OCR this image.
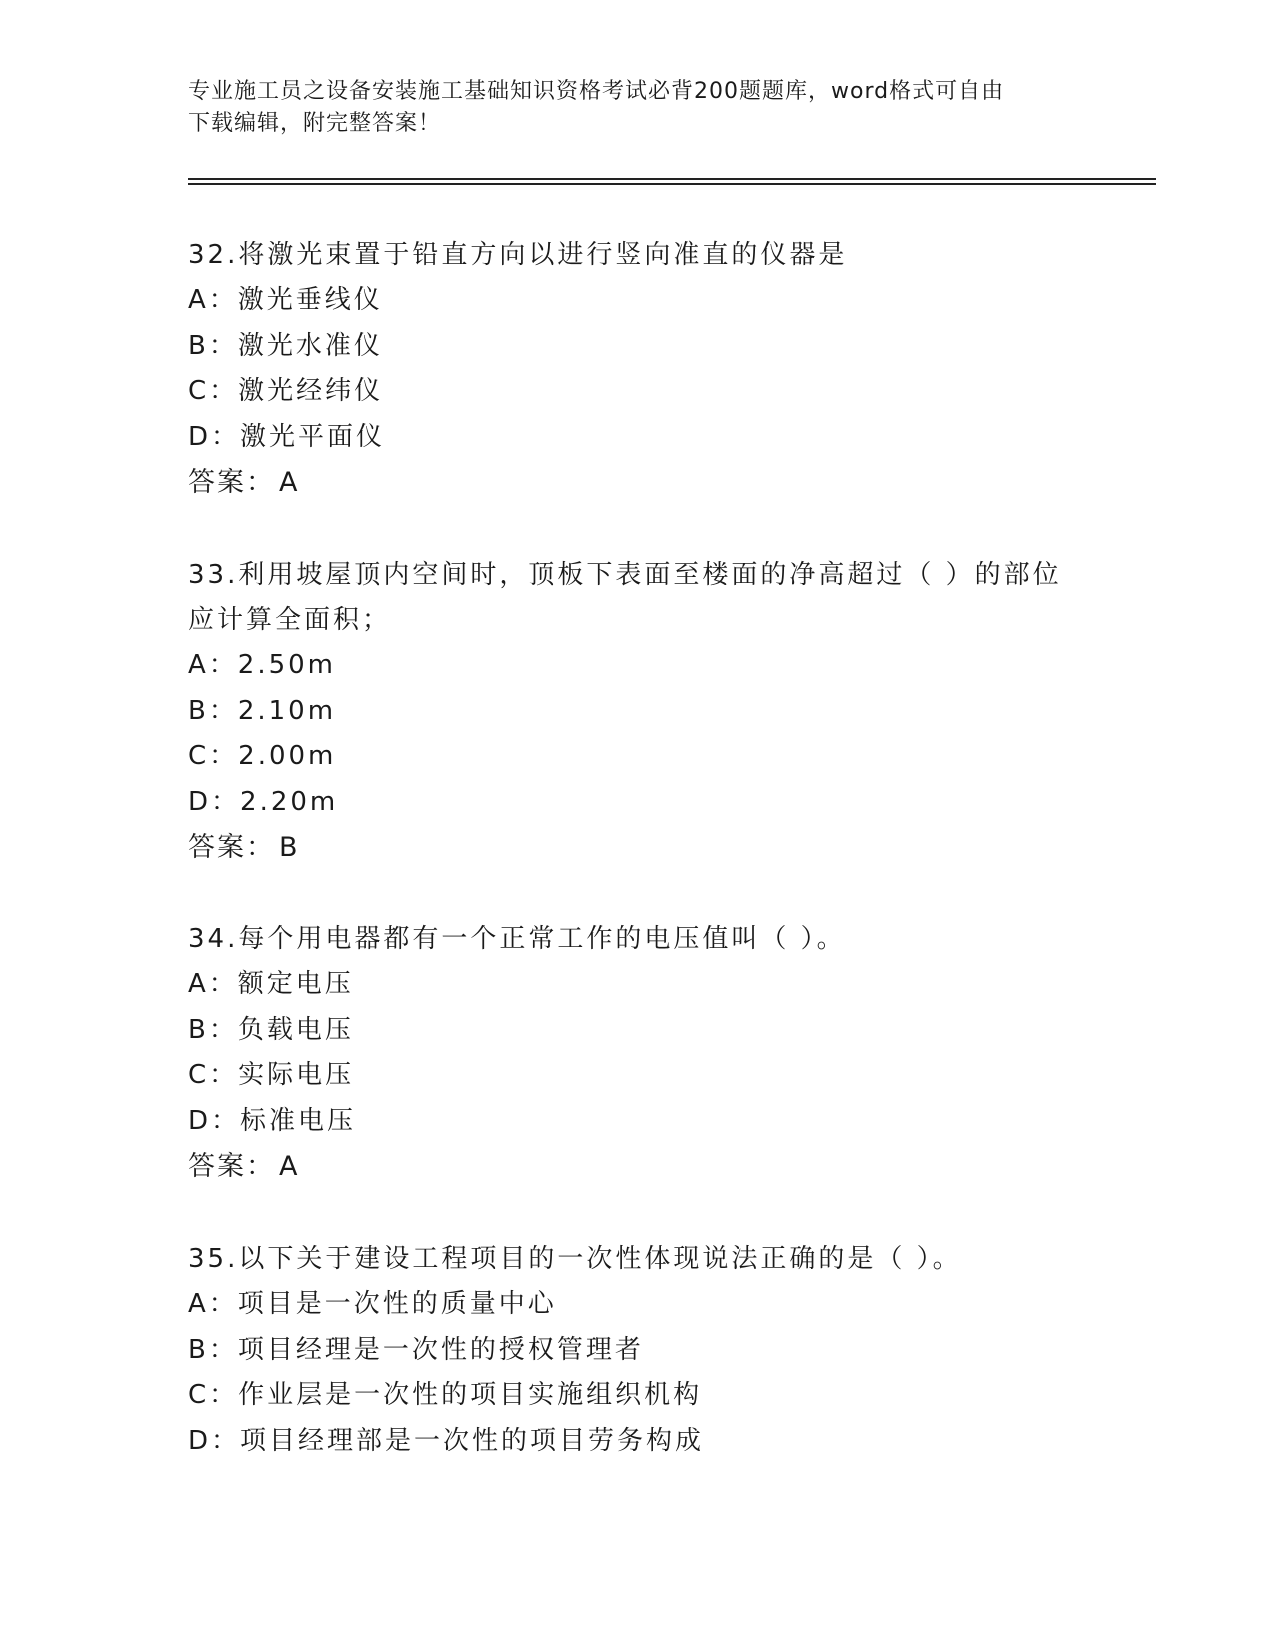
专业施工员之设备安装施工基础知识资格考试必背200题题库，word格式可自由
下载编辑，附完整答案！

32.将激光束置于铅直方向以进行竖向准直的仪器是

A：激光垂线仪

B：激光水准仪

C：激光经纬仪

D：激光平面仪

答案： A

33.利用坡屋顶内空间时，顶板下表面至楼面的净高超过（ ）的部位

应计算全面积；

A：2.50m

B：2.10m

C：2.00m

D：2.20m

答案： B

34.每个用电器都有一个正常工作的电压值叫（ ）。

A：额定电压

B：负载电压

C：实际电压

D：标准电压

答案： A

35.以下关于建设工程项目的一次性体现说法正确的是（ ）。

A：项目是一次性的质量中心

B：项目经理是一次性的授权管理者

C：作业层是一次性的项目实施组织机构

D：项目经理部是一次性的项目劳务构成
